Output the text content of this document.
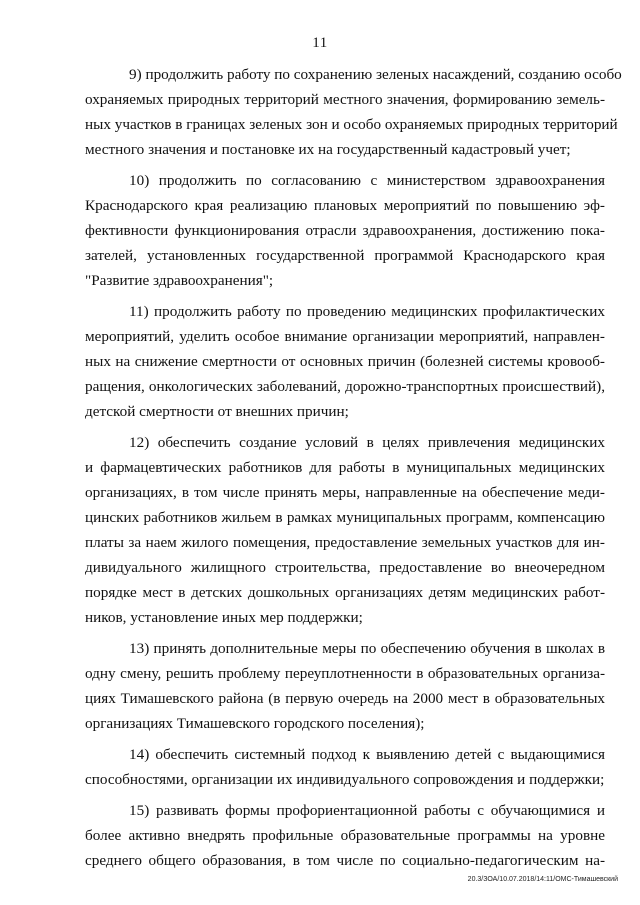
11

9) продолжить работу по сохранению зеленых насаждений, созданию особо
охраняемых природных территорий местного значения, формированию земель-
ных участков в границах зеленых зон и особо охраняемых природных территорий
местного значения и постановке их на государственный кадастровый учет;

10) продолжить по согласованию с министерством здравоохранения
Краснодарского края реализацию плановых мероприятий по повышению эф-
фективности функционирования отрасли здравоохранения, достижению пока-
зателей, установленных государственной программой Краснодарского края
"Развитие здравоохранения";

11) продолжить работу по проведению медицинских профилактических
мероприятий, уделить особое внимание организации мероприятий, направлен-
ных на снижение смертности от основных причин (болезней системы кровооб-
ращения, онкологических заболеваний, дорожно-транспортных происшествий),
детской смертности от внешних причин;

12) обеспечить создание условий в целях привлечения медицинских
и фармацевтических работников для работы в муниципальных медицинских
организациях, в том числе принять меры, направленные на обеспечение меди-
цинских работников жильем в рамках муниципальных программ, компенсацию
платы за наем жилого помещения, предоставление земельных участков для ин-
дивидуального жилищного строительства, предоставление во внеочередном
порядке мест в детских дошкольных организациях детям медицинских работ-
ников, установление иных мер поддержки;

13) принять дополнительные меры по обеспечению обучения в школах в
одну смену, решить проблему переуплотненности в образовательных организа-
циях Тимашевского района (в первую очередь на 2000 мест в образовательных
организациях Тимашевского городского поселения);

14) обеспечить системный подход к выявлению детей с выдающимися
способностями, организации их индивидуального сопровождения и поддержки;

15) развивать формы профориентационной работы с обучающимися и
более активно внедрять профильные образовательные программы на уровне
среднего общего образования, в том числе по социально-педагогическим на-

20.3/ЗОА/10.07.2018/14:11/ОМС-Тимашевский
